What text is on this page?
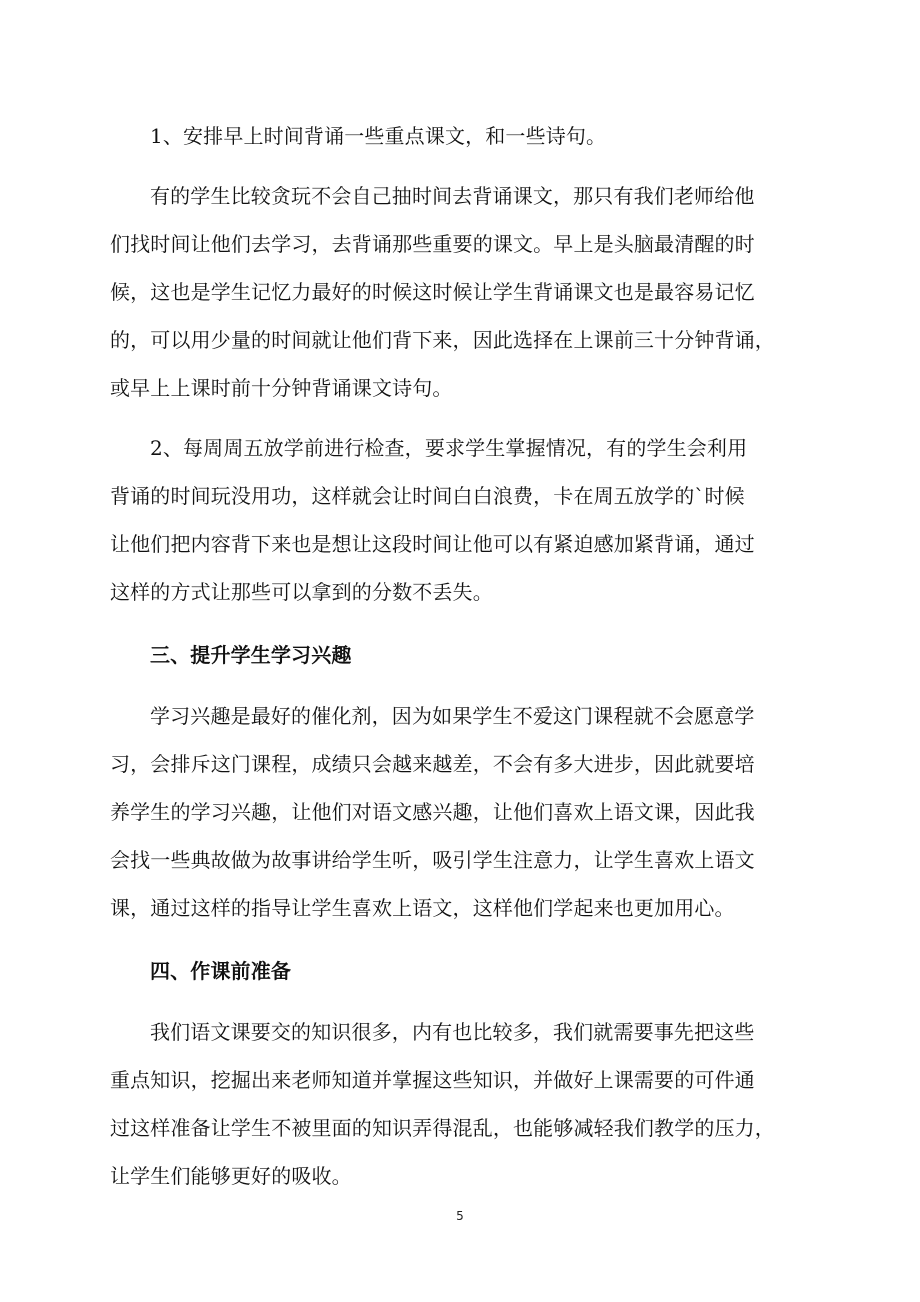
1、安排早上时间背诵一些重点课文，和一些诗句。
有的学生比较贪玩不会自己抽时间去背诵课文，那只有我们老师给他
们找时间让他们去学习，去背诵那些重要的课文。早上是头脑最清醒的时
候，这也是学生记忆力最好的时候这时候让学生背诵课文也是最容易记忆
的，可以用少量的时间就让他们背下来，因此选择在上课前三十分钟背诵，
或早上上课时前十分钟背诵课文诗句。
2、每周周五放学前进行检查，要求学生掌握情况，有的学生会利用
背诵的时间玩没用功，这样就会让时间白白浪费，卡在周五放学的`时候
让他们把内容背下来也是想让这段时间让他可以有紧迫感加紧背诵，通过
这样的方式让那些可以拿到的分数不丢失。
三、提升学生学习兴趣
学习兴趣是最好的催化剂，因为如果学生不爱这门课程就不会愿意学
习，会排斥这门课程，成绩只会越来越差，不会有多大进步，因此就要培
养学生的学习兴趣，让他们对语文感兴趣，让他们喜欢上语文课，因此我
会找一些典故做为故事讲给学生听，吸引学生注意力，让学生喜欢上语文
课，通过这样的指导让学生喜欢上语文，这样他们学起来也更加用心。
四、作课前准备
我们语文课要交的知识很多，内有也比较多，我们就需要事先把这些
重点知识，挖掘出来老师知道并掌握这些知识，并做好上课需要的可件通
过这样准备让学生不被里面的知识弄得混乱，也能够减轻我们教学的压力，
让学生们能够更好的吸收。
5
